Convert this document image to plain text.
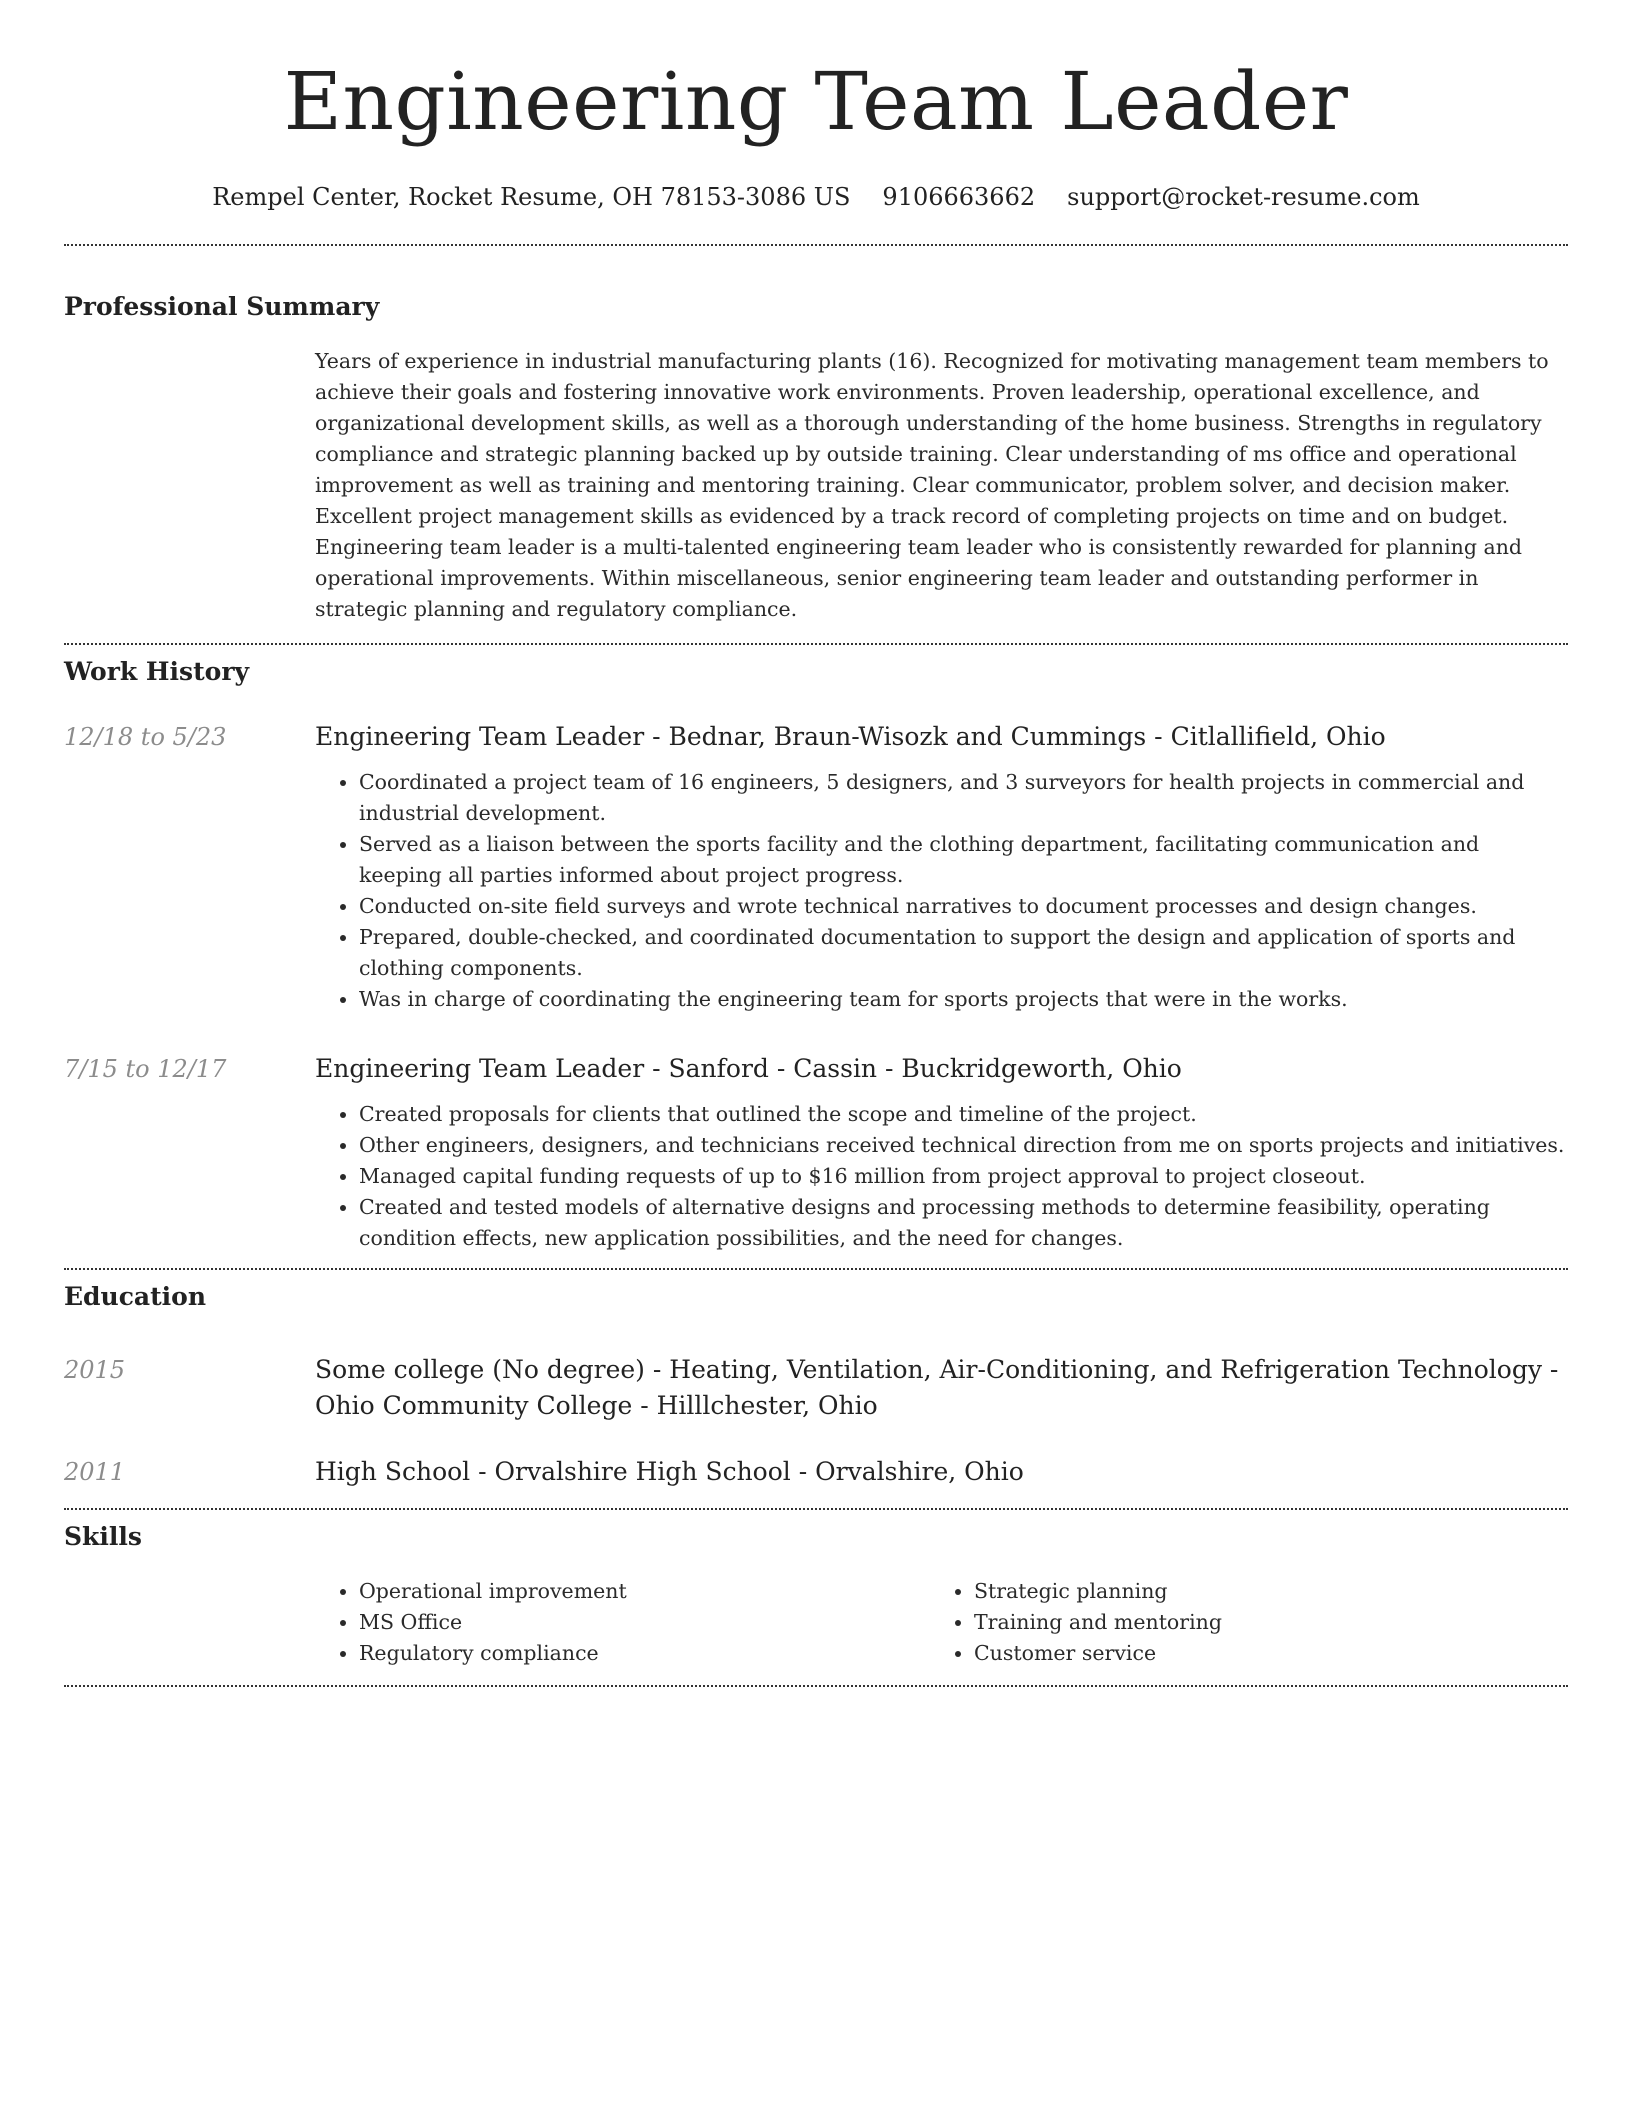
Engineering Team Leader
Rempel Center, Rocket Resume, OH 78153-3086 US 9106663662 support@rocket-resume.com
Professional Summary

Years of experience in industrial manufacturing plants (16). Recognized for motivating management team members to achieve their goals and fostering innovative work environments. Proven leadership, operational excellence, and organizational development skills, as well as a thorough understanding of the home business. Strengths in regulatory compliance and strategic planning backed up by outside training. Clear understanding of ms office and operational improvement as well as training and mentoring training. Clear communicator, problem solver, and decision maker. Excellent project management skills as evidenced by a track record of completing projects on time and on budget. Engineering team leader is a multi-talented engineering team leader who is consistently rewarded for planning and operational improvements. Within miscellaneous, senior engineering team leader and outstanding performer in strategic planning and regulatory compliance.

Work History
12/18 to 5/23	Engineering Team Leader - Bednar, Braun-Wisozk and Cummings - Citlallifield, Ohio
• Coordinated a project team of 16 engineers, 5 designers, and 3 surveyors for health projects in commercial and industrial development.
• Served as a liaison between the sports facility and the clothing department, facilitating communication and keeping all parties informed about project progress.
• Conducted on-site field surveys and wrote technical narratives to document processes and design changes.
• Prepared, double-checked, and coordinated documentation to support the design and application of sports and clothing components.
• Was in charge of coordinating the engineering team for sports projects that were in the works.
7/15 to 12/17	Engineering Team Leader - Sanford - Cassin - Buckridgeworth, Ohio
• Created proposals for clients that outlined the scope and timeline of the project.
• Other engineers, designers, and technicians received technical direction from me on sports projects and initiatives.
• Managed capital funding requests of up to $16 million from project approval to project closeout.
• Created and tested models of alternative designs and processing methods to determine feasibility, operating condition effects, new application possibilities, and the need for changes.
Education
2015	Some college (No degree) - Heating, Ventilation, Air-Conditioning, and Refrigeration Technology - Ohio Community College - Hilllchester, Ohio
2011	High School - Orvalshire High School - Orvalshire, Ohio
Skills
• Operational improvement
• MS Office
• Regulatory compliance
• Strategic planning
• Training and mentoring
• Customer service
